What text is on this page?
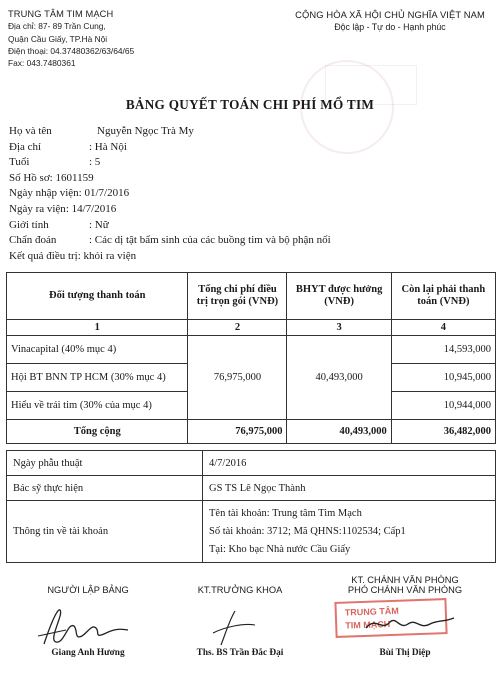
TRUNG TÂM TIM MẠCH
Địa chỉ: 87- 89 Trần Cung,
Quận Cầu Giấy, TP.Hà Nội
Điện thoại: 04.37480362/63/64/65
Fax: 043.7480361
CỘNG HÒA XÃ HỘI CHỦ NGHĨA VIỆT NAM
Độc lập - Tự do - Hạnh phúc
BẢNG QUYẾT TOÁN CHI PHÍ MỔ TIM
Họ và tên	Nguyễn Ngọc Trà My
Địa chỉ	: Hà Nội
Tuổi	: 5
Số Hồ sơ : 1601159
Ngày nhập viện : 01/7/2016
Ngày ra viện : 14/7/2016
Giới tính	: Nữ
Chẩn đoán	: Các dị tật bẩm sinh của các buồng tim và bộ phận nối
Kết quả điều trị : khỏi ra viện
Đối tượng thanh toán	Tổng chi phí điều trị trọn gói (VNĐ)	BHYT được hưởng (VNĐ)	Còn lại phải thanh toán (VNĐ)
1	2	3	4
Vinacapital (40% mục 4)	76,975,000	40,493,000	14,593,000
Hội BT BNN TP HCM (30% mục 4)			10,945,000
Hiểu về trái tim (30% của mục 4)			10,944,000
Tổng cộng	76,975,000	40,493,000	36,482,000
Ngày phẫu thuật	4/7/2016
Bác sỹ thực hiện	GS TS Lê Ngọc Thành
Thông tin về tài khoản	Tên tài khoản: Trung tâm Tim Mạch
Số tài khoản: 3712; Mã QHNS:1102534; Cấp1
Tại: Kho bạc Nhà nước Cầu Giấy
NGƯỜI LẬP BẢNG
Giang Anh Hương
KT.TRƯỞNG KHOA
Ths. BS Trần Đắc Đại
KT. CHÁNH VĂN PHÒNG
PHÓ CHÁNH VĂN PHÒNG
TRUNG TÂM
TIM MẠCH
Bùi Thị Diệp
